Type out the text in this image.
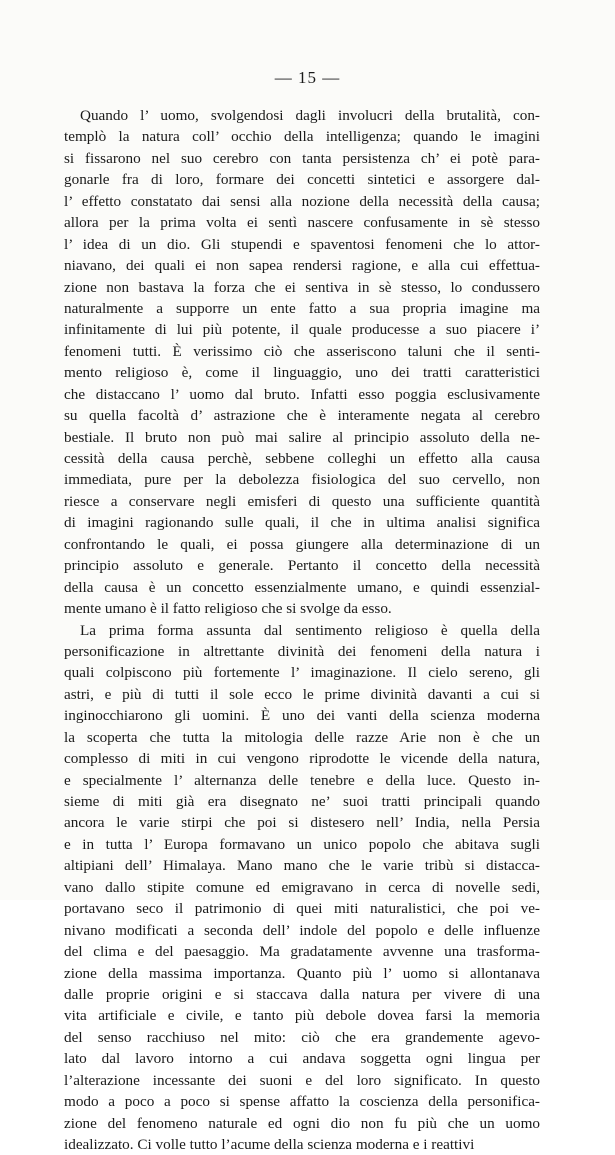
— 15 —
Quando l’ uomo, svolgendosi dagli involucri della brutalità, con-
templò la natura coll’ occhio della intelligenza; quando le imagini
si fissarono nel suo cerebro con tanta persistenza ch’ ei potè para-
gonarle fra di loro, formare dei concetti sintetici e assorgere dal-
l’ effetto constatato dai sensi alla nozione della necessità della causa;
allora per la prima volta ei sentì nascere confusamente in sè stesso
l’ idea di un dio. Gli stupendi e spaventosi fenomeni che lo attor-
niavano, dei quali ei non sapea rendersi ragione, e alla cui effettua-
zione non bastava la forza che ei sentiva in sè stesso, lo condussero
naturalmente a supporre un ente fatto a sua propria imagine ma
infinitamente di lui più potente, il quale producesse a suo piacere i’
fenomeni tutti. È verissimo ciò che asseriscono taluni che il senti-
mento religioso è, come il linguaggio, uno dei tratti caratteristici
che distaccano l’ uomo dal bruto. Infatti esso poggia esclusivamente
su quella facoltà d’ astrazione che è interamente negata al cerebro
bestiale. Il bruto non può mai salire al principio assoluto della ne-
cessità della causa perchè, sebbene colleghi un effetto alla causa
immediata, pure per la debolezza fisiologica del suo cervello, non
riesce a conservare negli emisferi di questo una sufficiente quantità
di imagini ragionando sulle quali, il che in ultima analisi significa
confrontando le quali, ei possa giungere alla determinazione di un
principio assoluto e generale. Pertanto il concetto della necessità
della causa è un concetto essenzialmente umano, e quindi essenzial-
mente umano è il fatto religioso che si svolge da esso.
La prima forma assunta dal sentimento religioso è quella della
personificazione in altrettante divinità dei fenomeni della natura i
quali colpiscono più fortemente l’ imaginazione. Il cielo sereno, gli
astri, e più di tutti il sole ecco le prime divinità davanti a cui si
inginocchiarono gli uomini. È uno dei vanti della scienza moderna
la scoperta che tutta la mitologia delle razze Arie non è che un
complesso di miti in cui vengono riprodotte le vicende della natura,
e specialmente l’ alternanza delle tenebre e della luce. Questo in-
sieme di miti già era disegnato ne’ suoi tratti principali quando
ancora le varie stirpi che poi si distesero nell’ India, nella Persia
e in tutta l’ Europa formavano un unico popolo che abitava sugli
altipiani dell’ Himalaya. Mano mano che le varie tribù si distacca-
vano dallo stipite comune ed emigravano in cerca di novelle sedi,
portavano seco il patrimonio di quei miti naturalistici, che poi ve-
nivano modificati a seconda dell’ indole del popolo e delle influenze
del clima e del paesaggio. Ma gradatamente avvenne una trasforma-
zione della massima importanza. Quanto più l’ uomo si allontanava
dalle proprie origini e si staccava dalla natura per vivere di una
vita artificiale e civile, e tanto più debole dovea farsi la memoria
del senso racchiuso nel mito: ciò che era grandemente agevo-
lato dal lavoro intorno a cui andava soggetta ogni lingua per
l’alterazione incessante dei suoni e del loro significato. In questo
modo a poco a poco si spense affatto la coscienza della personifica-
zione del fenomeno naturale ed ogni dio non fu più che un uomo
idealizzato. Ci volle tutto l’acume della scienza moderna e i reattivi
